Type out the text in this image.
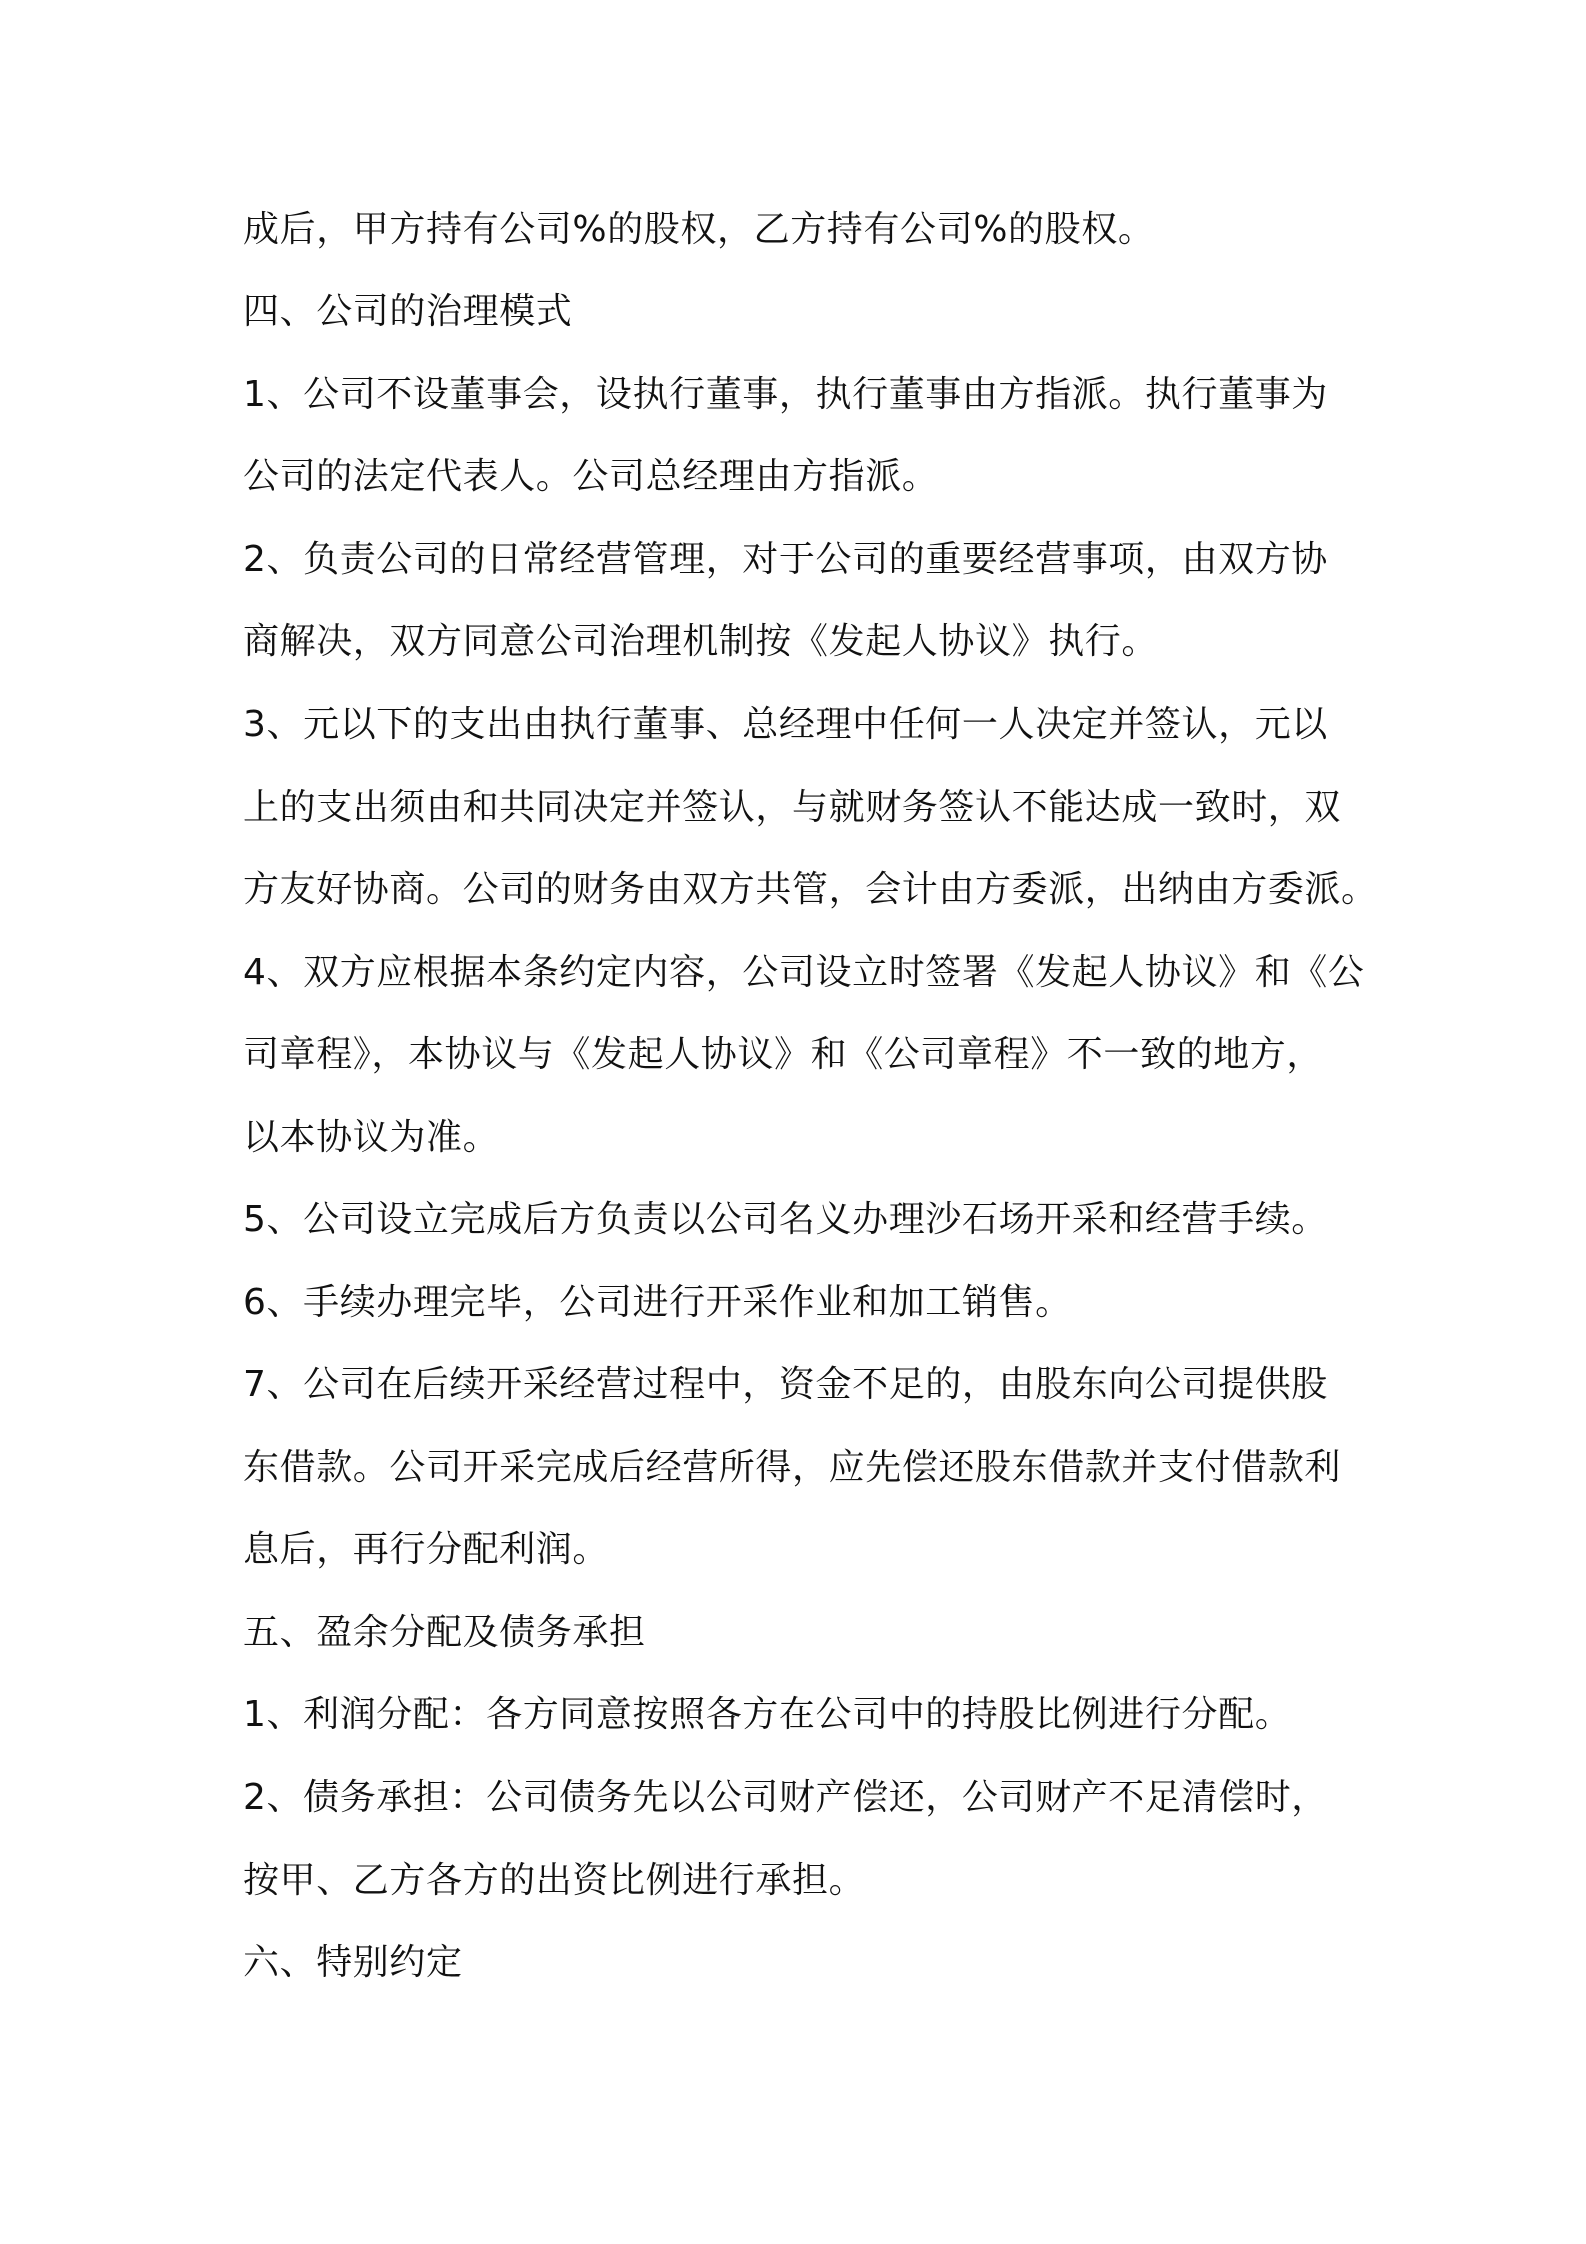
成后，甲方持有公司%的股权，乙方持有公司%的股权。

四、公司的治理模式

1、公司不设董事会，设执行董事，执行董事由方指派。执行董事为

公司的法定代表人。公司总经理由方指派。

2、负责公司的日常经营管理，对于公司的重要经营事项，由双方协

商解决，双方同意公司治理机制按《发起人协议》执行。

3、元以下的支出由执行董事、总经理中任何一人决定并签认，元以

上的支出须由和共同决定并签认，与就财务签认不能达成一致时，双

方友好协商。公司的财务由双方共管，会计由方委派，出纳由方委派。

4、双方应根据本条约定内容，公司设立时签署《发起人协议》和《公

司章程》，本协议与《发起人协议》和《公司章程》不一致的地方，

以本协议为准。

5、公司设立完成后方负责以公司名义办理沙石场开采和经营手续。

6、手续办理完毕，公司进行开采作业和加工销售。

7、公司在后续开采经营过程中，资金不足的，由股东向公司提供股

东借款。公司开采完成后经营所得，应先偿还股东借款并支付借款利

息后，再行分配利润。

五、盈余分配及债务承担

1、利润分配：各方同意按照各方在公司中的持股比例进行分配。

2、债务承担：公司债务先以公司财产偿还，公司财产不足清偿时，

按甲、乙方各方的出资比例进行承担。

六、特别约定
